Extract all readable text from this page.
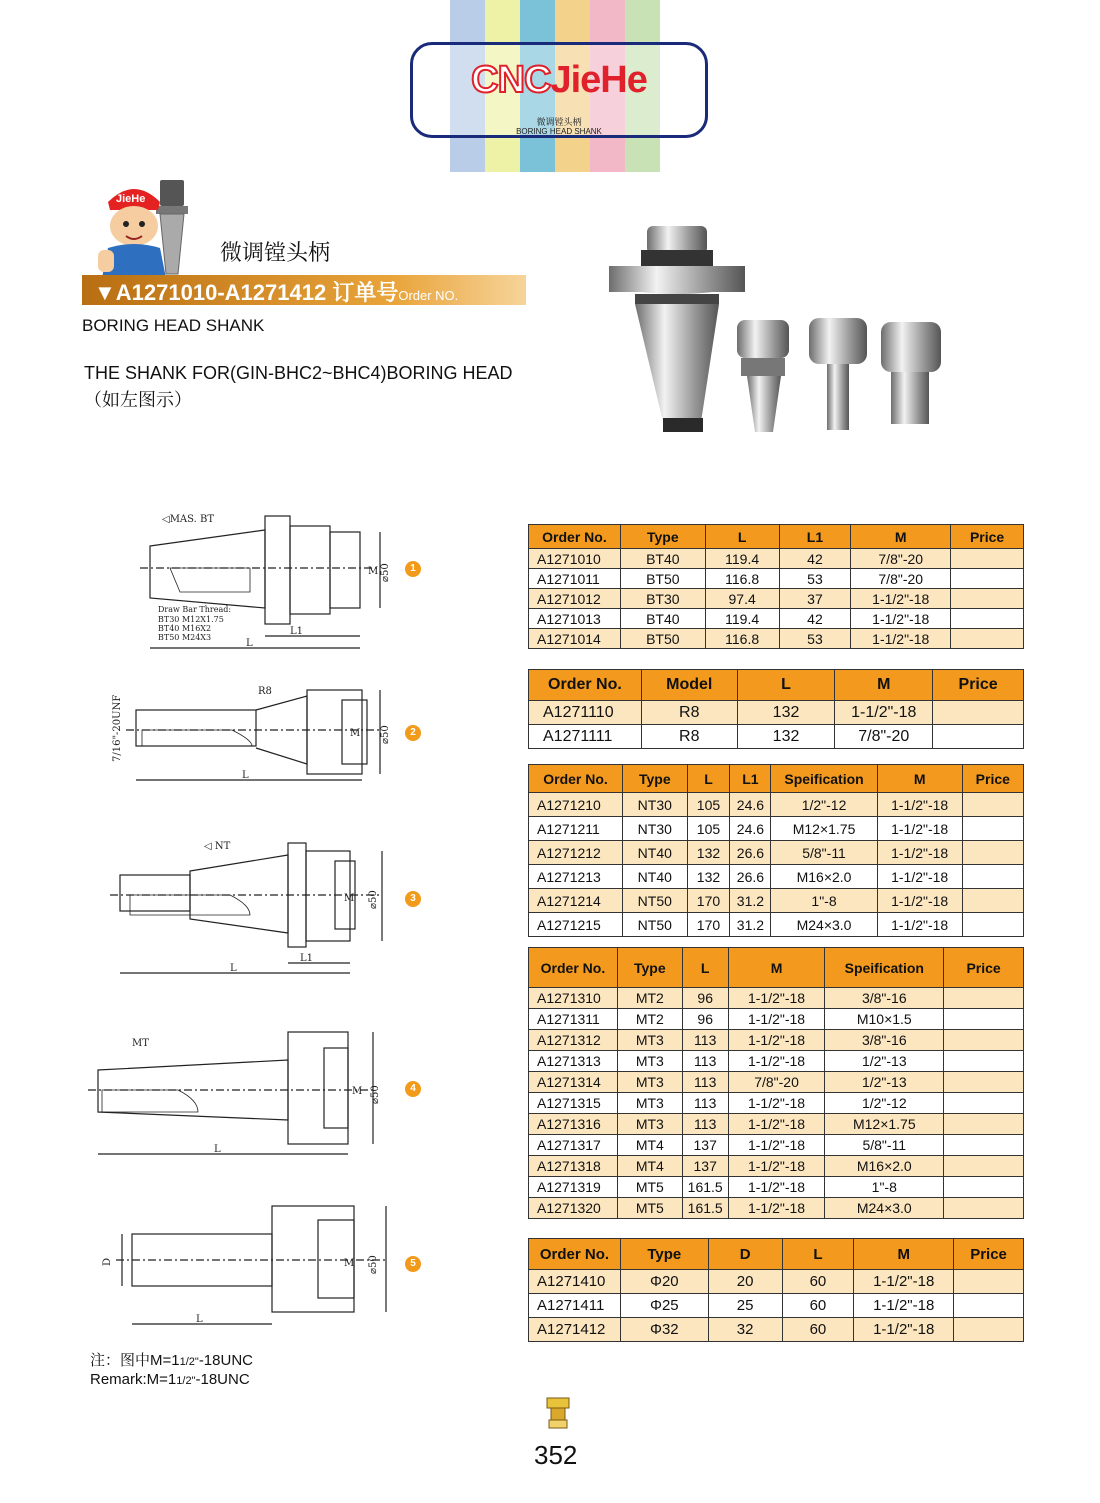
CNCJieHe
微调镗头柄
BORING HEAD SHANK
JieHe
微调镗头柄
▼A1271010-A1271412 订单号Order NO.
BORING HEAD SHANK
THE SHANK FOR(GIN-BHC2~BHC4)BORING HEAD
（如左图示）
◁MAS. BT
M ⌀50
L1
L
Draw Bar Thread:
BT30 M12X1.75
BT40 M16X2
BT50 M24X3
1
R8
7/16"-20UNF	M ⌀50
L
2
◁ NT
M ⌀50
L1
L
3
MT
M ⌀50
L
4
D	M ⌀50
L
5
Order No.	Type	L	L1	M	Price
A1271010	BT40	119.4	42	7/8"-20	
A1271011	BT50	116.8	53	7/8"-20	
A1271012	BT30	97.4	37	1-1/2"-18	
A1271013	BT40	119.4	42	1-1/2"-18	
A1271014	BT50	116.8	53	1-1/2"-18	
Order No.	Model	L	M	Price
A1271110	R8	132	1-1/2"-18	
A1271111	R8	132	7/8"-20	
Order No.	Type	L	L1	Speification	M	Price
A1271210	NT30	105	24.6	1/2"-12	1-1/2"-18	
A1271211	NT30	105	24.6	M12×1.75	1-1/2"-18	
A1271212	NT40	132	26.6	5/8"-11	1-1/2"-18	
A1271213	NT40	132	26.6	M16×2.0	1-1/2"-18	
A1271214	NT50	170	31.2	1"-8	1-1/2"-18	
A1271215	NT50	170	31.2	M24×3.0	1-1/2"-18	
Order No.	Type	L	M	Speification	Price
A1271310	MT2	96	1-1/2"-18	3/8"-16	
A1271311	MT2	96	1-1/2"-18	M10×1.5	
A1271312	MT3	113	1-1/2"-18	3/8"-16	
A1271313	MT3	113	1-1/2"-18	1/2"-13	
A1271314	MT3	113	7/8"-20	1/2"-13	
A1271315	MT3	113	1-1/2"-18	1/2"-12	
A1271316	MT3	113	1-1/2"-18	M12×1.75	
A1271317	MT4	137	1-1/2"-18	5/8"-11	
A1271318	MT4	137	1-1/2"-18	M16×2.0	
A1271319	MT5	161.5	1-1/2"-18	1"-8	
A1271320	MT5	161.5	1-1/2"-18	M24×3.0	
Order No.	Type	D	L	M	Price
A1271410	Φ20	20	60	1-1/2"-18	
A1271411	Φ25	25	60	1-1/2"-18	
A1271412	Φ32	32	60	1-1/2"-18	
注：图中M=11/2"-18UNC
Remark:M=11/2"-18UNC
352
